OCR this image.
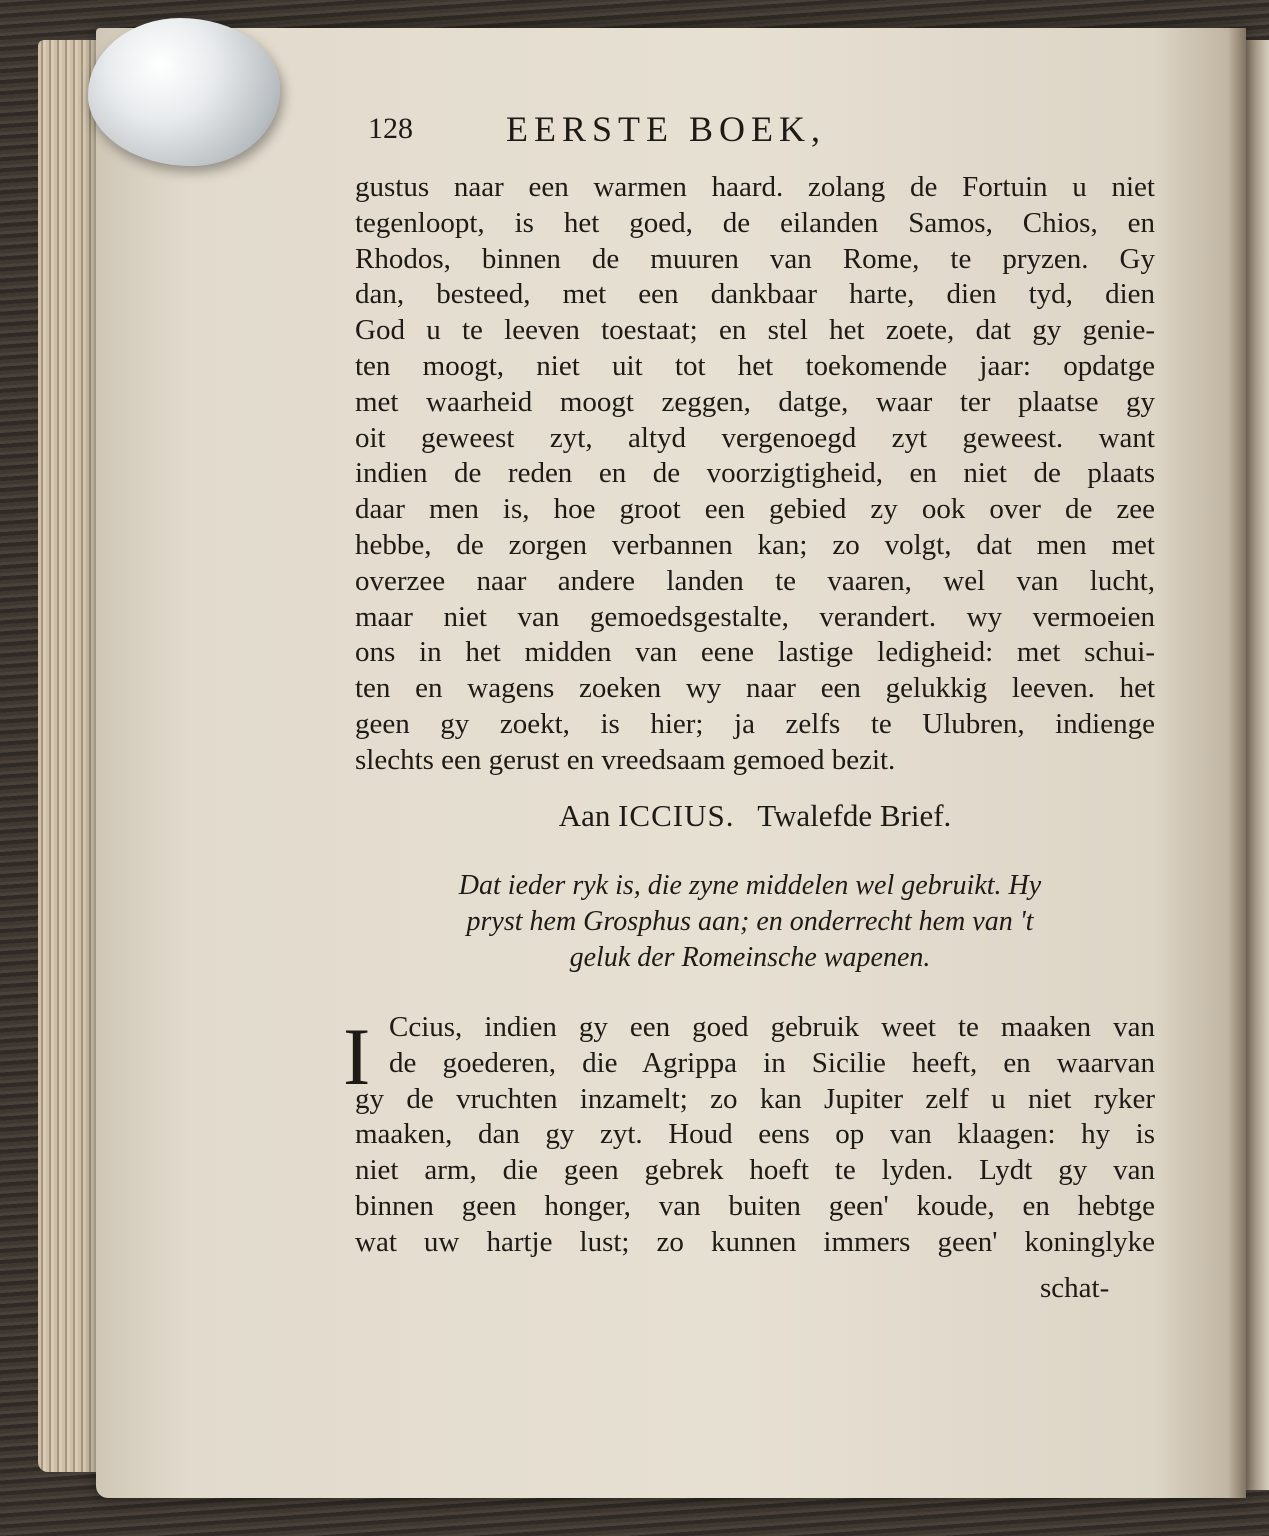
128	EERSTE BOEK,
gustus naar een warmen haard. zolang de Fortuin u niet
tegenloopt, is het goed, de eilanden Samos, Chios, en
Rhodos, binnen de muuren van Rome, te pryzen. Gy
dan, besteed, met een dankbaar harte, dien tyd, dien
God u te leeven toestaat; en stel het zoete, dat gy genie-
ten moogt, niet uit tot het toekomende jaar: opdatge
met waarheid moogt zeggen, datge, waar ter plaatse gy
oit geweest zyt, altyd vergenoegd zyt geweest. want
indien de reden en de voorzigtigheid, en niet de plaats
daar men is, hoe groot een gebied zy ook over de zee
hebbe, de zorgen verbannen kan; zo volgt, dat men met
overzee naar andere landen te vaaren, wel van lucht,
maar niet van gemoedsgestalte, verandert. wy vermoeien
ons in het midden van eene lastige ledigheid: met schui-
ten en wagens zoeken wy naar een gelukkig leeven. het
geen gy zoekt, is hier; ja zelfs te Ulubren, indienge
slechts een gerust en vreedsaam gemoed bezit.
Aan ICCIUS. Twalefde Brief.
Dat ieder ryk is, die zyne middelen wel gebruikt. Hy
pryst hem Grosphus aan; en onderrecht hem van 't
geluk der Romeinsche wapenen.
I Ccius, indien gy een goed gebruik weet te maaken van
de goederen, die Agrippa in Sicilie heeft, en waarvan
gy de vruchten inzamelt; zo kan Jupiter zelf u niet ryker
maaken, dan gy zyt. Houd eens op van klaagen: hy is
niet arm, die geen gebrek hoeft te lyden. Lydt gy van
binnen geen honger, van buiten geen' koude, en hebtge
wat uw hartje lust; zo kunnen immers geen' koninglyke
schat-
